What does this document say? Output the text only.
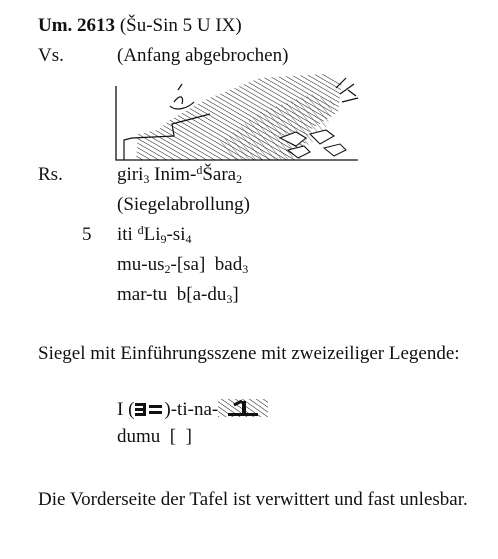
Um. 2613 (Šu-Sin 5 U IX)
Vs.	(Anfang abgebrochen)
Rs.	giri$_3$ Inim-$^d$Šara$_2$
(Siegelabrollung)
5 iti $^dLi_9-si_4$
$mu-us_2-[sa]$  bad$_3$
mar-tu  $b[a-du_3]$
Siegel mit Einführungsszene mit zweizeiliger Legende:
I ( )-ti-na-
dumu  [  ]
Die Vorderseite der Tafel ist verwittert und fast unlesbar.
